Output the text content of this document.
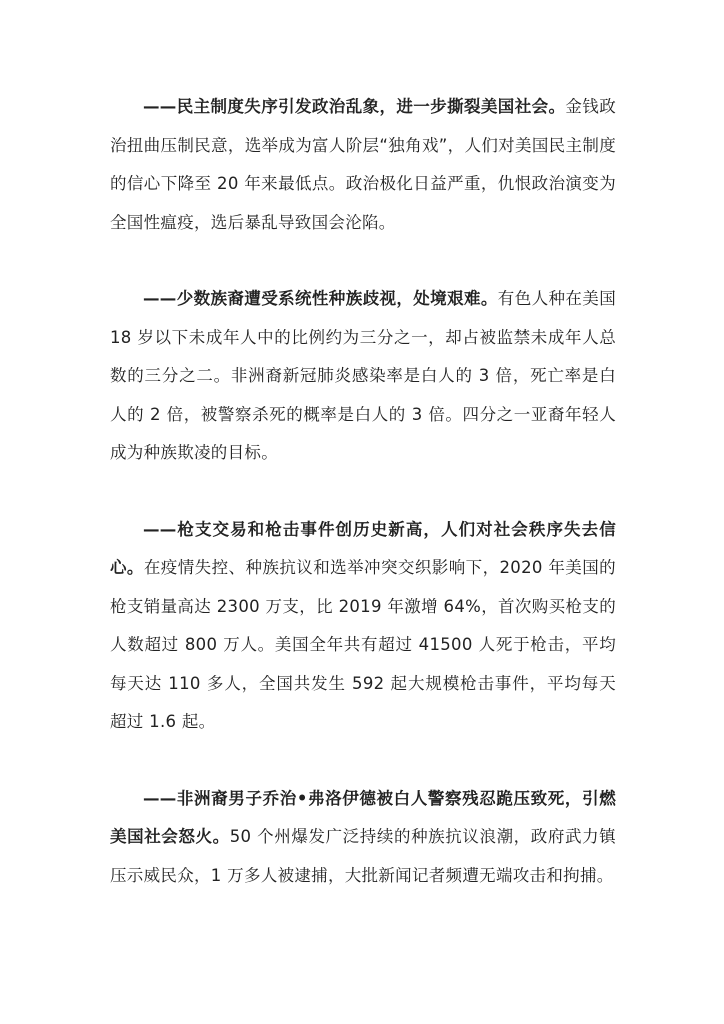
——民主制度失序引发政治乱象，进一步撕裂美国社会。金钱政治扭曲压制民意，选举成为富人阶层“独角戏”，人们对美国民主制度的信心下降至 20 年来最低点。政治极化日益严重，仇恨政治演变为全国性瘟疫，选后暴乱导致国会沦陷。

——少数族裔遭受系统性种族歧视，处境艰难。有色人种在美国 18 岁以下未成年人中的比例约为三分之一，却占被监禁未成年人总数的三分之二。非洲裔新冠肺炎感染率是白人的 3 倍，死亡率是白人的 2 倍，被警察杀死的概率是白人的 3 倍。四分之一亚裔年轻人成为种族欺凌的目标。

——枪支交易和枪击事件创历史新高，人们对社会秩序失去信心。在疫情失控、种族抗议和选举冲突交织影响下，2020 年美国的枪支销量高达 2300 万支，比 2019 年激增 64%，首次购买枪支的人数超过 800 万人。美国全年共有超过 41500 人死于枪击，平均每天达 110 多人，全国共发生 592 起大规模枪击事件，平均每天超过 1.6 起。

——非洲裔男子乔治•弗洛伊德被白人警察残忍跪压致死，引燃美国社会怒火。50 个州爆发广泛持续的种族抗议浪潮，政府武力镇压示威民众，1 万多人被逮捕，大批新闻记者频遭无端攻击和拘捕。
